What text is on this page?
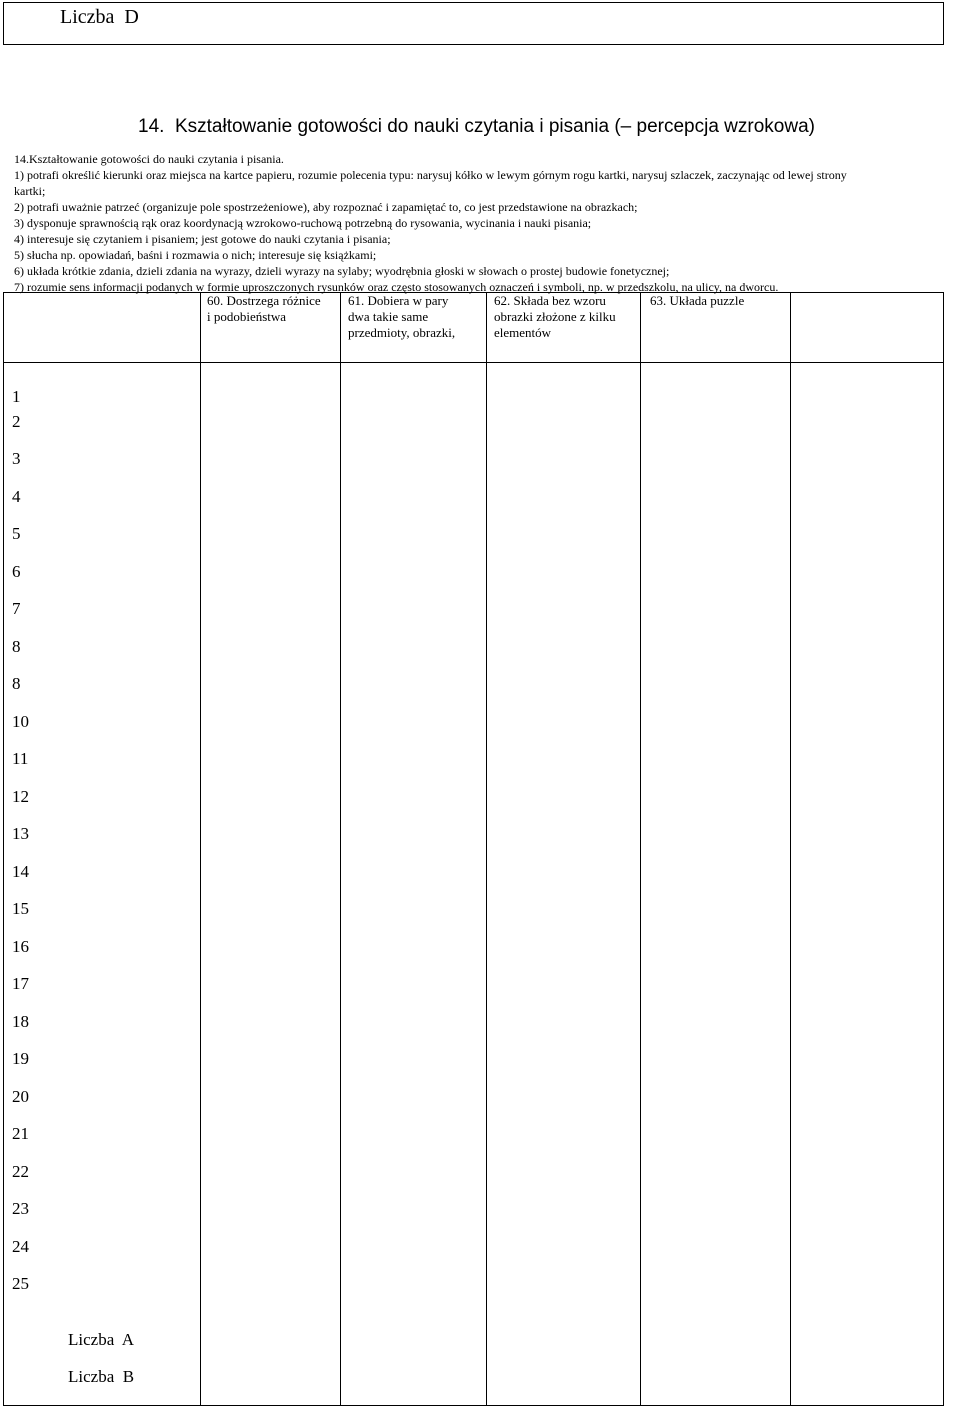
Liczba  D
14.  Kształtowanie gotowości do nauki czytania i pisania (– percepcja wzrokowa)
14.Kształtowanie gotowości do nauki czytania i pisania.
1) potrafi określić kierunki oraz miejsca na kartce papieru, rozumie polecenia typu: narysuj kółko w lewym górnym rogu kartki, narysuj szlaczek, zaczynając od lewej strony
kartki;
2) potrafi uważnie patrzeć (organizuje pole spostrzeżeniowe), aby rozpoznać i zapamiętać to, co jest przedstawione na obrazkach;
3) dysponuje sprawnością rąk oraz koordynacją wzrokowo-ruchową potrzebną do rysowania, wycinania i nauki pisania;
4) interesuje się czytaniem i pisaniem; jest gotowe do nauki czytania i pisania;
5) słucha np. opowiadań, baśni i rozmawia o nich; interesuje się książkami;
6) układa krótkie zdania, dzieli zdania na wyrazy, dzieli wyrazy na sylaby; wyodrębnia głoski w słowach o prostej budowie fonetycznej;
7) rozumie sens informacji podanych w formie uproszczonych rysunków oraz często stosowanych oznaczeń i symboli, np. w przedszkolu, na ulicy, na dworcu.
60. Dostrzega różnice
i podobieństwa
61. Dobiera w pary
dwa takie same
przedmioty, obrazki,
62. Składa bez wzoru
obrazki złożone z kilku
elementów
63. Układa puzzle
1
2
3
4
5
6
7
8
8
10
11
12
13
14
15
16
17
18
19
20
21
22
23
24
25
Liczba  A
Liczba  B
